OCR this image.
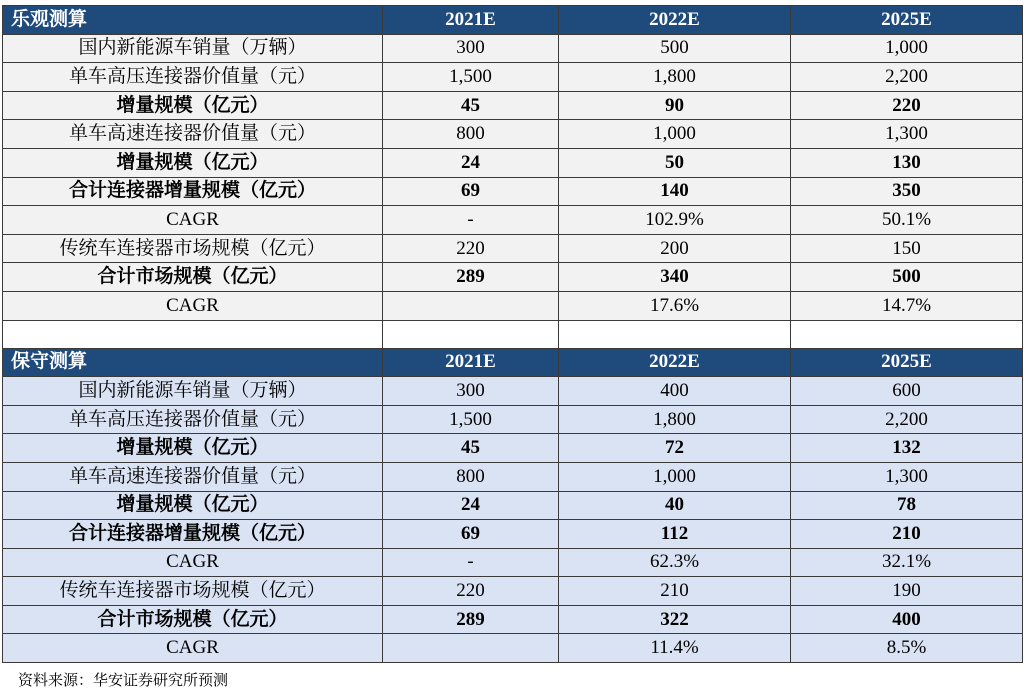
乐观测算	2021E	2022E	2025E
国内新能源车销量（万辆）	300	500	1,000
单车高压连接器价值量（元）	1,500	1,800	2,200
增量规模（亿元）	45	90	220
单车高速连接器价值量（元）	800	1,000	1,300
增量规模（亿元）	24	50	130
合计连接器增量规模（亿元）	69	140	350
CAGR	-	102.9%	50.1%
传统车连接器市场规模（亿元）	220	200	150
合计市场规模（亿元）	289	340	500
CAGR		17.6%	14.7%

保守测算	2021E	2022E	2025E
国内新能源车销量（万辆）	300	400	600
单车高压连接器价值量（元）	1,500	1,800	2,200
增量规模（亿元）	45	72	132
单车高速连接器价值量（元）	800	1,000	1,300
增量规模（亿元）	24	40	78
合计连接器增量规模（亿元）	69	112	210
CAGR	-	62.3%	32.1%
传统车连接器市场规模（亿元）	220	210	190
合计市场规模（亿元）	289	322	400
CAGR		11.4%	8.5%
资料来源：华安证券研究所预测
